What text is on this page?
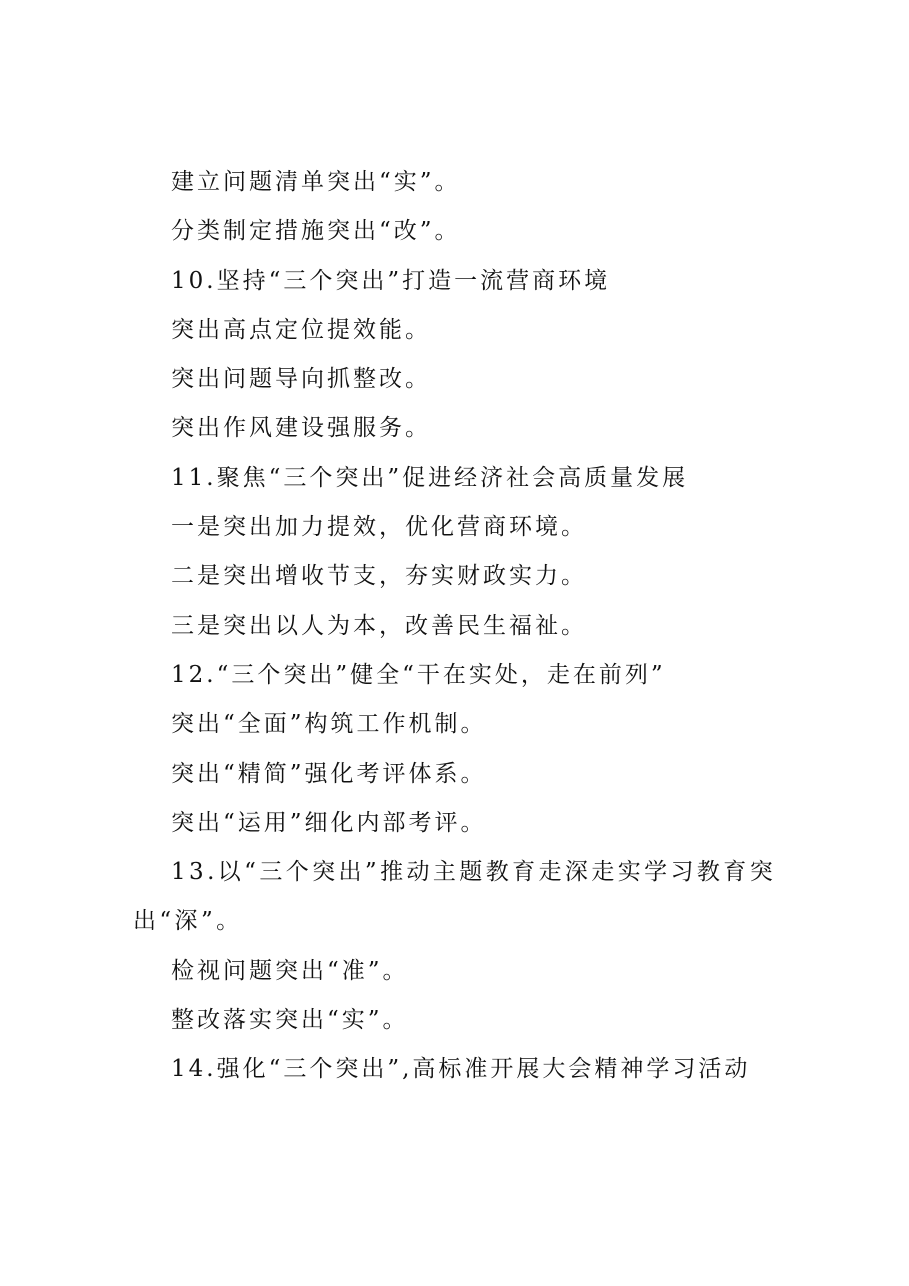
建立问题清单突出“实”。
分类制定措施突出“改”。
10.坚持“三个突出”打造一流营商环境
突出高点定位提效能。
突出问题导向抓整改。
突出作风建设强服务。
11.聚焦“三个突出”促进经济社会高质量发展
一是突出加力提效，优化营商环境。
二是突出增收节支，夯实财政实力。
三是突出以人为本，改善民生福祉。
12.“三个突出”健全“干在实处，走在前列”
突出“全面”构筑工作机制。
突出“精简”强化考评体系。
突出“运用”细化内部考评。
13.以“三个突出”推动主题教育走深走实学习教育突出“深”。
检视问题突出“准”。
整改落实突出“实”。
14.强化“三个突出”,高标准开展大会精神学习活动
